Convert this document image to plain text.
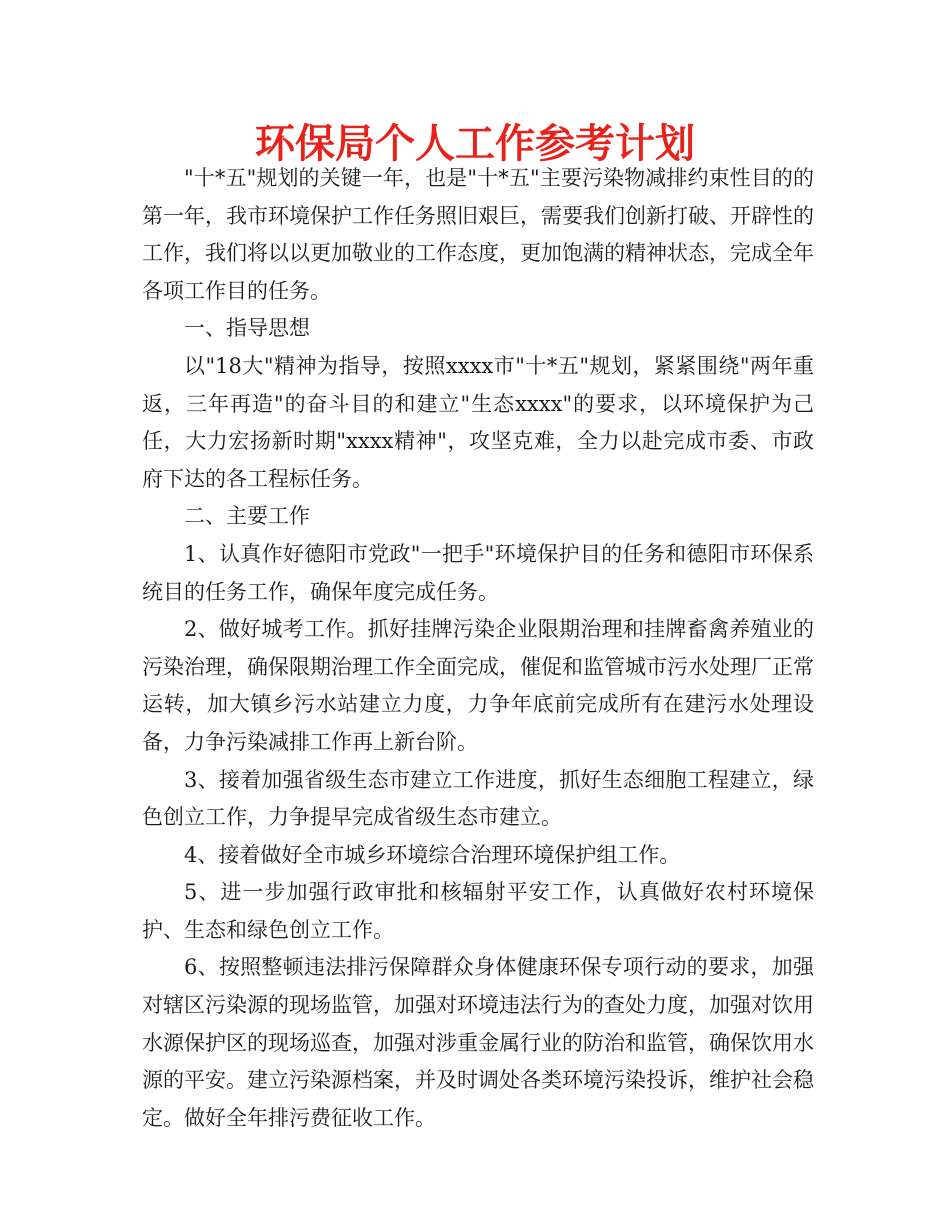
环保局个人工作参考计划

"十*五"规划的关键一年，也是"十*五"主要污染物减排约束性目的的第一年，我市环境保护工作任务照旧艰巨，需要我们创新打破、开辟性的工作，我们将以以更加敬业的工作态度，更加饱满的精神状态，完成全年各项工作目的任务。

一、指导思想

以"18大"精神为指导，按照xxxx市"十*五"规划，紧紧围绕"两年重返，三年再造"的奋斗目的和建立"生态xxxx"的要求，以环境保护为己任，大力宏扬新时期"xxxx精神"，攻坚克难，全力以赴完成市委、市政府下达的各工程标任务。

二、主要工作

1、认真作好德阳市党政"一把手"环境保护目的任务和德阳市环保系统目的任务工作，确保年度完成任务。

2、做好城考工作。抓好挂牌污染企业限期治理和挂牌畜禽养殖业的污染治理，确保限期治理工作全面完成，催促和监管城市污水处理厂正常运转，加大镇乡污水站建立力度，力争年底前完成所有在建污水处理设备，力争污染减排工作再上新台阶。

3、接着加强省级生态市建立工作进度，抓好生态细胞工程建立，绿色创立工作，力争提早完成省级生态市建立。

4、接着做好全市城乡环境综合治理环境保护组工作。

5、进一步加强行政审批和核辐射平安工作，认真做好农村环境保护、生态和绿色创立工作。

6、按照整顿违法排污保障群众身体健康环保专项行动的要求，加强对辖区污染源的现场监管，加强对环境违法行为的查处力度，加强对饮用水源保护区的现场巡查，加强对涉重金属行业的防治和监管，确保饮用水源的平安。建立污染源档案，并及时调处各类环境污染投诉，维护社会稳定。做好全年排污费征收工作。
